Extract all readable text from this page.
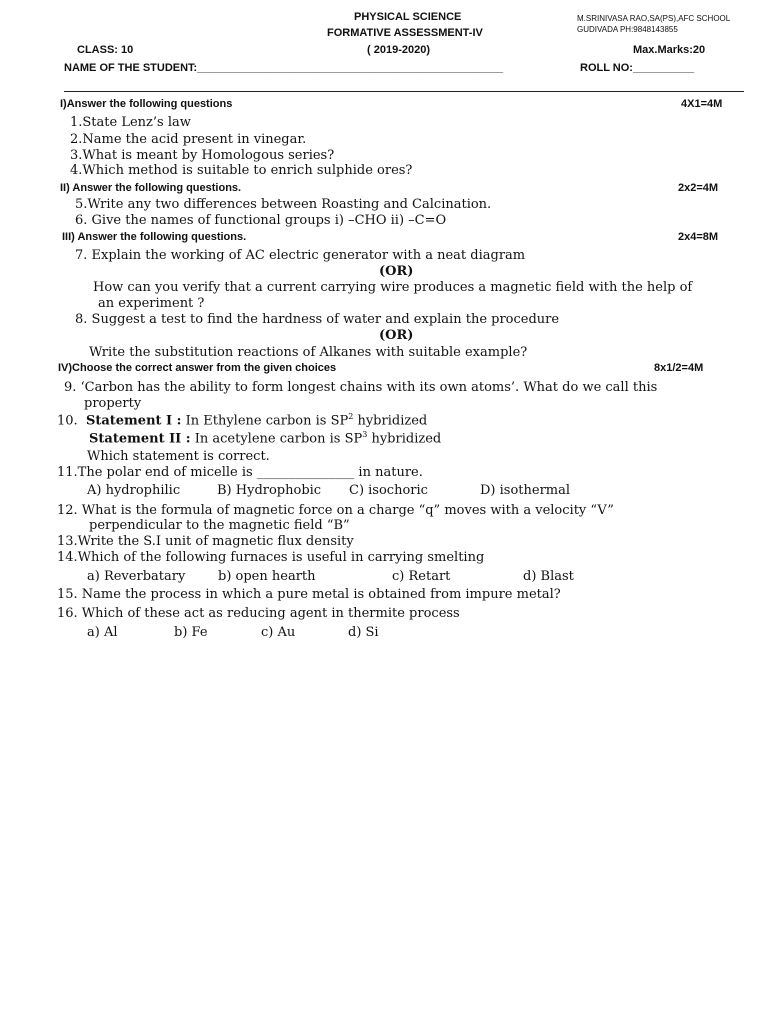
PHYSICAL SCIENCE
FORMATIVE ASSESSMENT-IV
( 2019-2020)
M.SRINIVASA RAO,SA(PS),AFC SCHOOL
GUDIVADA PH:9848143855
CLASS: 10	Max.Marks:20
NAME OF THE STUDENT:__________________________________________________	ROLL NO:__________
I)Answer the following questions	4X1=4M
1.State Lenz’s law
2.Name the acid present in vinegar.
3.What is meant by Homologous series?
4.Which method is suitable to enrich sulphide ores?
II) Answer the following questions.	2x2=4M
5.Write any two differences between Roasting and Calcination.
6. Give the names of functional groups i) –CHO ii) –C=O
III) Answer the following questions.	2x4=8M
7. Explain the working of AC electric generator with a neat diagram
(OR)
How can you verify that a current carrying wire produces a magnetic field with the help of
an experiment ?
8. Suggest a test to find the hardness of water and explain the procedure
(OR)
Write the substitution reactions of Alkanes with suitable example?
IV)Choose the correct answer from the given choices	8x1/2=4M
9. ‘Carbon has the ability to form longest chains with its own atoms’. What do we call this
property
10. Statement I : In Ethylene carbon is $SP^2$ hybridized
Statement II : In acetylene carbon is $SP^3$ hybridized
Which statement is correct.
11.The polar end of micelle is _______________ in nature.
A) hydrophilic	B) Hydrophobic C) isochoric	D) isothermal
12. What is the formula of magnetic force on a charge “q” moves with a velocity “V”
perpendicular to the magnetic field “B”
13.Write the S.I unit of magnetic flux density
14.Which of the following furnaces is useful in carrying smelting
a) Reverbatary	b) open hearth	c) Retart	d) Blast
15. Name the process in which a pure metal is obtained from impure metal?
16. Which of these act as reducing agent in thermite process
a) Al	b) Fe	c) Au	d) Si
